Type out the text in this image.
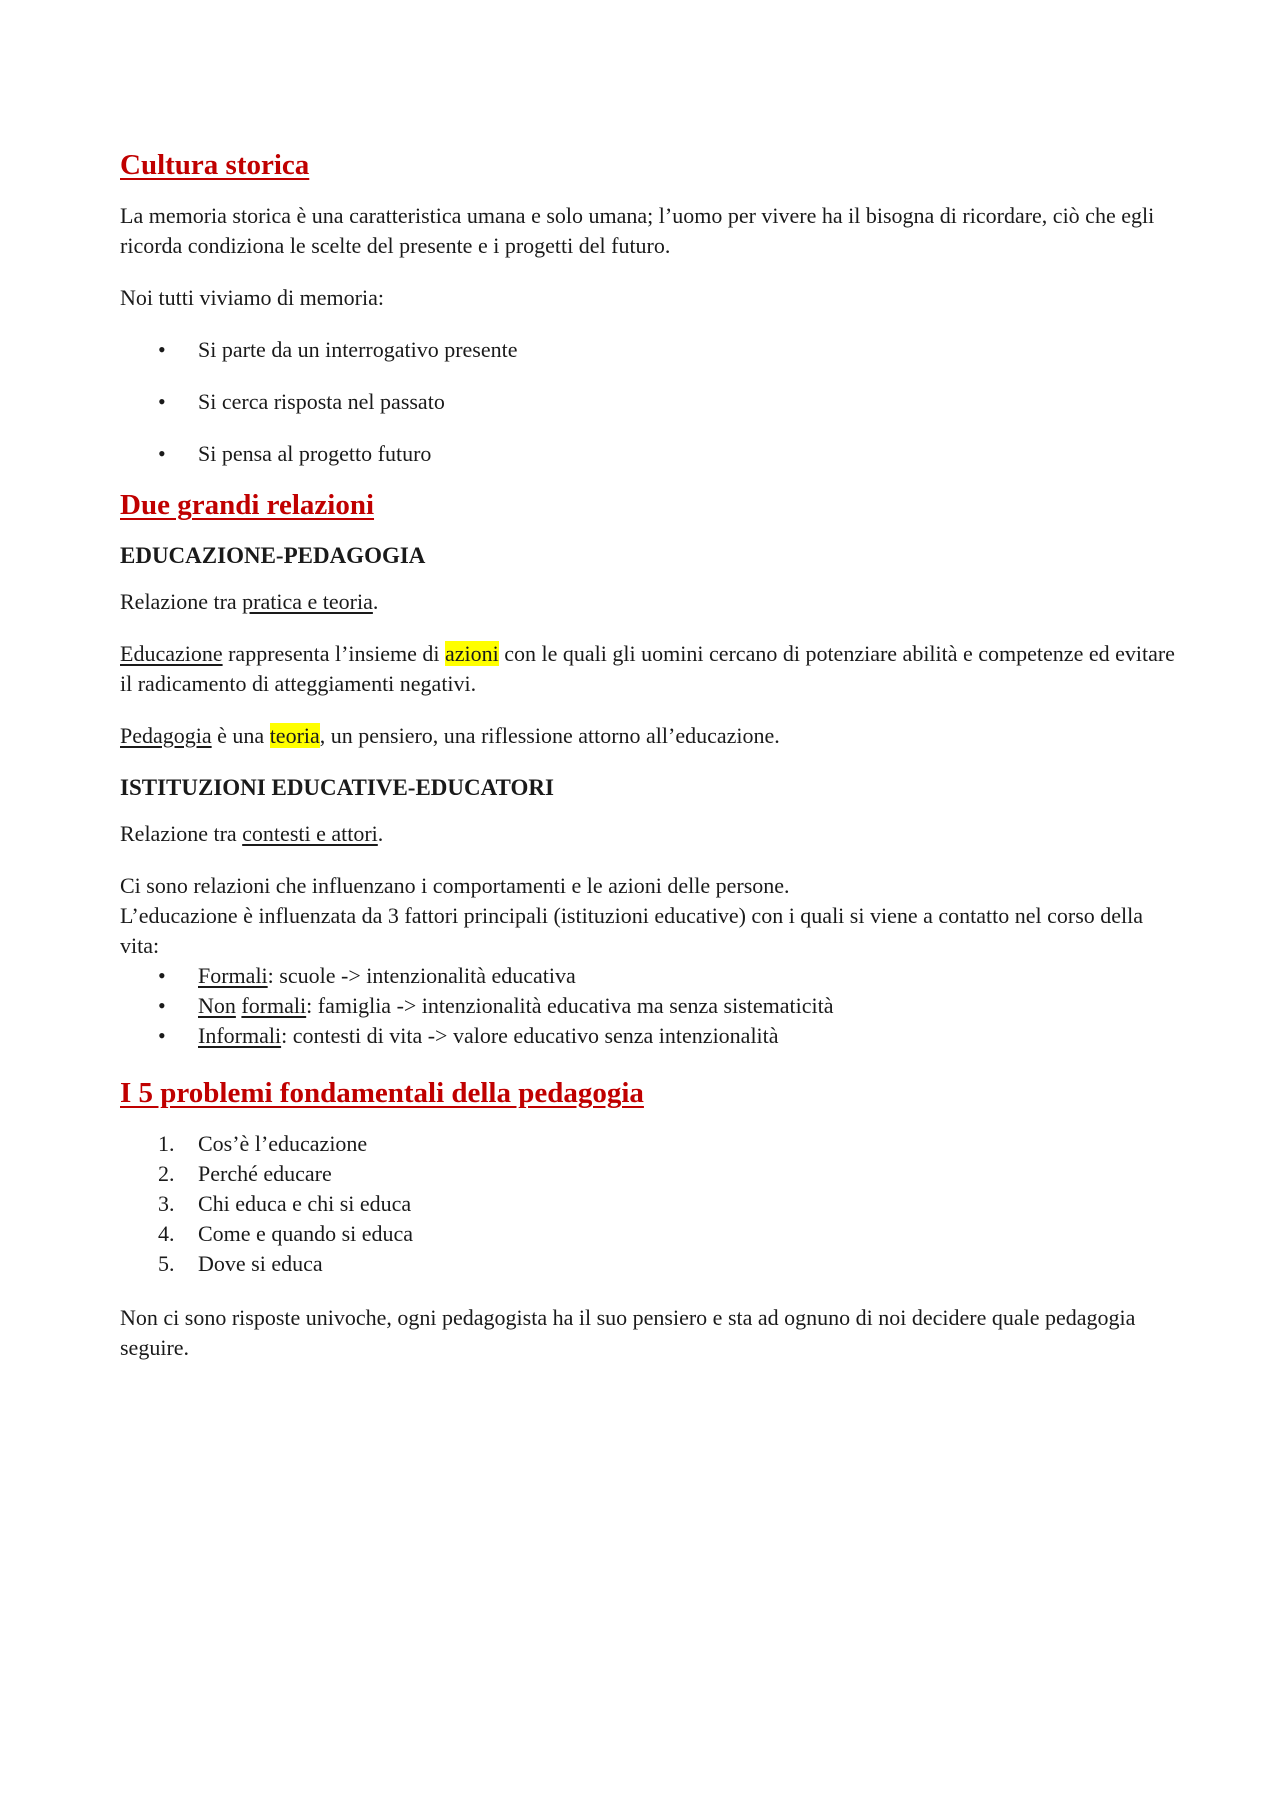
Cultura storica

La memoria storica è una caratteristica umana e solo umana; l’uomo per vivere ha il bisogna di ricordare, ciò che egli ricorda condiziona le scelte del presente e i progetti del futuro.

Noi tutti viviamo di memoria:

• Si parte da un interrogativo presente
• Si cerca risposta nel passato
• Si pensa al progetto futuro
Due grandi relazioni
EDUCAZIONE-PEDAGOGIA

Relazione tra pratica e teoria.

Educazione rappresenta l’insieme di azioni con le quali gli uomini cercano di potenziare abilità e competenze ed evitare il radicamento di atteggiamenti negativi.

Pedagogia è una teoria, un pensiero, una riflessione attorno all’educazione.

ISTITUZIONI EDUCATIVE-EDUCATORI

Relazione tra contesti e attori.

Ci sono relazioni che influenzano i comportamenti e le azioni delle persone.
L’educazione è influenzata da 3 fattori principali (istituzioni educative) con i quali si viene a contatto nel corso della vita:

• Formali: scuole -> intenzionalità educativa
• Non formali: famiglia -> intenzionalità educativa ma senza sistematicità
• Informali: contesti di vita -> valore educativo senza intenzionalità
I 5 problemi fondamentali della pedagogia
1. Cos’è l’educazione
2. Perché educare
3. Chi educa e chi si educa
4. Come e quando si educa
5. Dove si educa

Non ci sono risposte univoche, ogni pedagogista ha il suo pensiero e sta ad ognuno di noi decidere quale pedagogia seguire.
